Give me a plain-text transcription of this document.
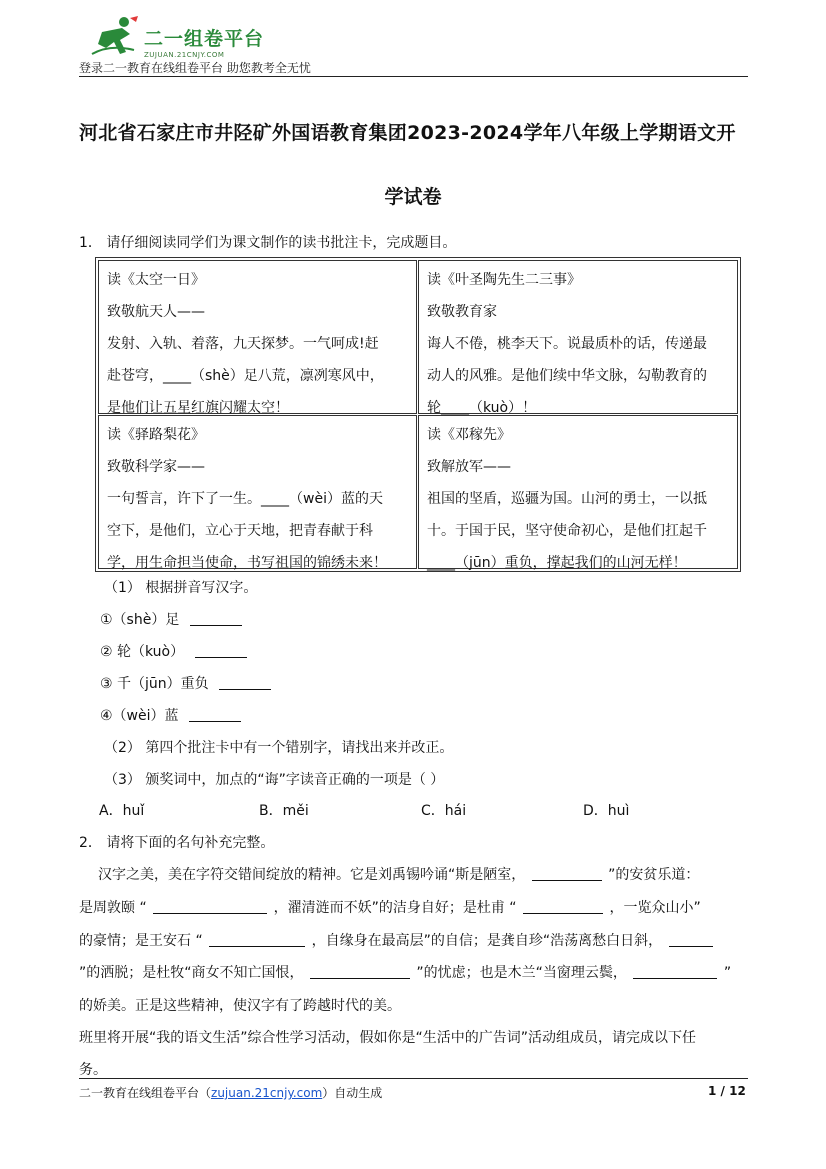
二一组卷平台
ZUJUAN.21CNJY.COM
登录二一教育在线组卷平台 助您教考全无忧
河北省石家庄市井陉矿外国语教育集团2023-2024学年八年级上学期语文开
学试卷
1． 请仔细阅读同学们为课文制作的读书批注卡，完成题目。
读《太空一日》
致敬航天人——
发射、入轨、着落，九天探梦。一气呵成!赶
赴苍穹，____（shè）足八荒，凛冽寒风中，
是他们让五星红旗闪耀太空！
读《叶圣陶先生二三事》
致敬教育家
诲人不倦，桃李天下。说最质朴的话，传递最
动人的风雅。是他们续中华文脉，勾勒教育的
轮____（kuò）！
读《驿路梨花》
致敬科学家——
一句誓言，许下了一生。____（wèi）蓝的天
空下，是他们，立心于天地，把青春献于科
学，用生命担当使命，书写祖国的锦绣未来！
读《邓稼先》
致解放军——
祖国的坚盾，巡疆为国。山河的勇士，一以抵
十。于国于民，坚守使命初心，是他们扛起千
____（jūn）重负，撑起我们的山河无样！
（1） 根据拼音写汉字。
①（shè）足
② 轮（kuò）
③ 千（jūn）重负
④（wèi）蓝
（2） 第四个批注卡中有一个错别字，请找出来并改正。
（3） 颁奖词中，加点的“诲”字读音正确的一项是（ ）
A．huǐ	B．měi	C．hái	D．huì
2． 请将下面的名句补充完整。
汉字之美，美在字符交错间绽放的精神。它是刘禹锡吟诵“斯是陋室，	”的安贫乐道：
是周敦颐 “	，濯清涟而不妖”的洁身自好；是杜甫 “	，一览众山小”
的豪情；是王安石 “	，自缘身在最高层”的自信；是龚自珍“浩荡离愁白日斜，
”的洒脱；是杜牧“商女不知亡国恨，	”的忧虑；也是木兰“当窗理云鬓，	”
的娇美。正是这些精神，使汉字有了跨越时代的美。
班里将开展“我的语文生活”综合性学习活动，假如你是“生活中的广告词”活动组成员，请完成以下任
务。
二一教育在线组卷平台（zujuan.21cnjy.com）自动生成	1 / 12
